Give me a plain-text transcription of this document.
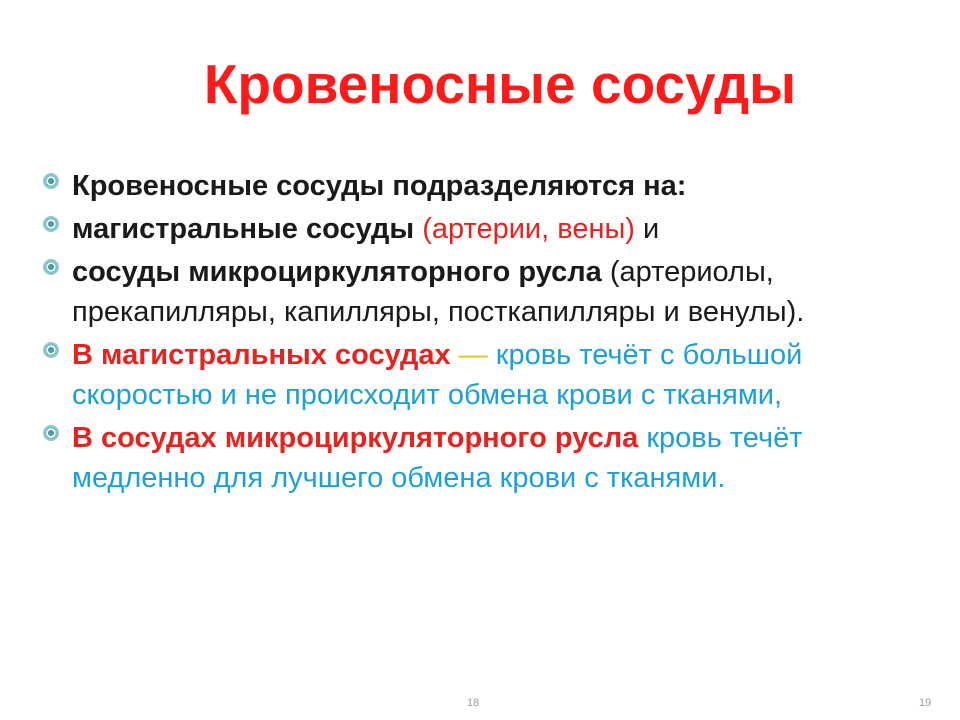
Кровеносные сосуды
Кровеносные сосуды подразделяются на:
магистральные сосуды (артерии, вены) и
сосуды микроциркуляторного русла (артериолы, прекапилляры, капилляры, посткапилляры и венулы).
В магистральных сосудах — кровь течёт с большой скоростью и не происходит обмена крови с тканями,
В сосудах микроциркуляторного русла кровь течёт медленно для лучшего обмена крови с тканями.
18	19
